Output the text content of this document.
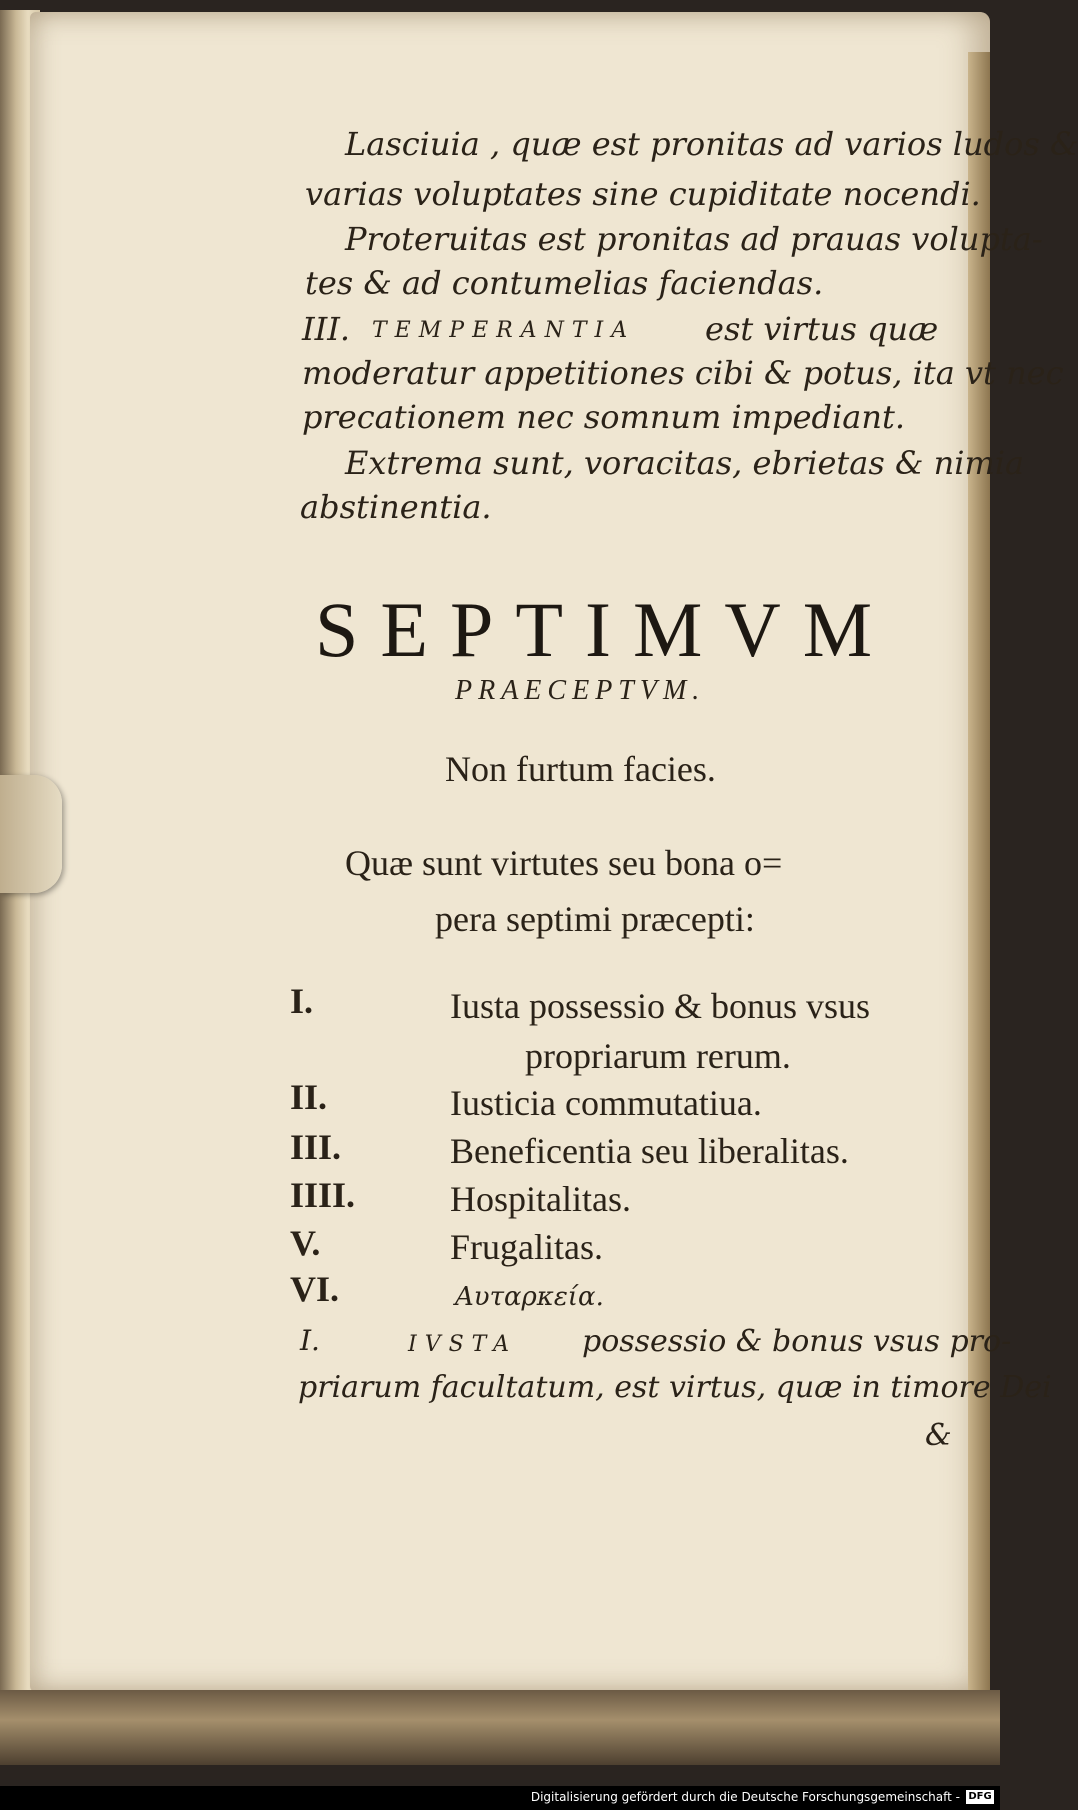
Lasciuia , quæ est pronitas ad varios ludos &
varias voluptates sine cupiditate nocendi.
Proteruitas est pronitas ad prauas volupta-
tes & ad contumelias faciendas.
III. TEMPERANTIA est virtus quæ
moderatur appetitiones cibi & potus, ita vt nec
precationem nec somnum impediant.
Extrema sunt, voracitas, ebrietas & nimia
abstinentia.
SEPTIMVM
PRAECEPTVM.
Non furtum facies.
Quæ sunt virtutes seu bona o=
pera septimi præcepti:
I.	Iusta possessio & bonus vsus
propriarum rerum.
II.	Iusticia commutatiua.
III.	Beneficentia seu liberalitas.
IIII.	Hospitalitas.
V.	Frugalitas.
VI.	Αυταρκεία.
I.	IVSTA possessio & bonus vsus pro-
priarum facultatum, est virtus, quæ in timore Dei
&
Digitalisierung gefördert durch die Deutsche Forschungsgemeinschaft - DFG
